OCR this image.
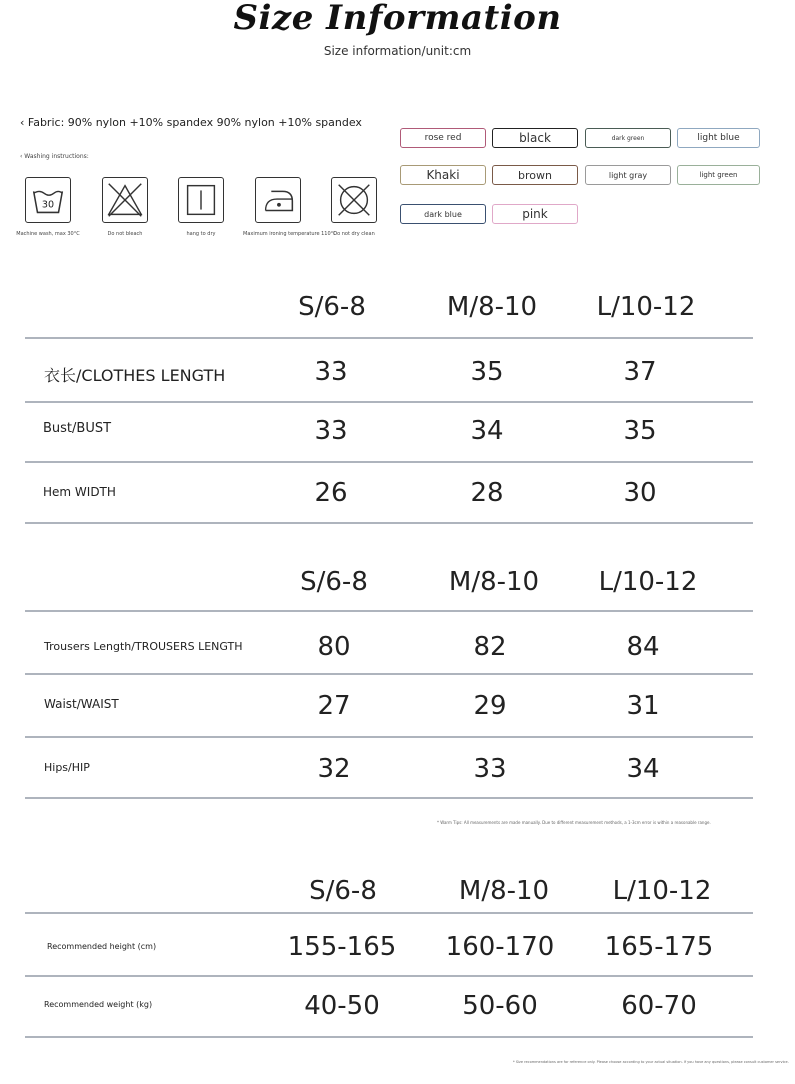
Size Information
Size information/unit:cm
‹ Fabric: 90% nylon +10% spandex 90% nylon +10% spandex
‹ Washing instructions:
30
Machine wash, max 30°C	Do not bleach	hang to dry	Maximum ironing temperature 110°C
Do not dry clean
rose red	black	dark green	light blue
Khaki	brown	light gray	light green
dark blue	pink
S/6-8	M/8-10	L/10-12
衣长/CLOTHES LENGTH	33	35	37
Bust/BUST	33	34	35
Hem WIDTH	26	28	30
S/6-8	M/8-10	L/10-12
Trousers Length/TROUSERS LENGTH	80	82	84
Waist/WAIST	27	29	31
Hips/HIP	32	33	34
* Warm Tips: All measurements are made manually. Due to different measurement methods, a 1-3cm error is within a reasonable range.
S/6-8	M/8-10	L/10-12
Recommended height (cm)	155-165	160-170	165-175
Recommended weight (kg)	40-50	50-60	60-70
* Size recommendations are for reference only. Please choose according to your actual situation. If you have any questions, please consult customer service.
